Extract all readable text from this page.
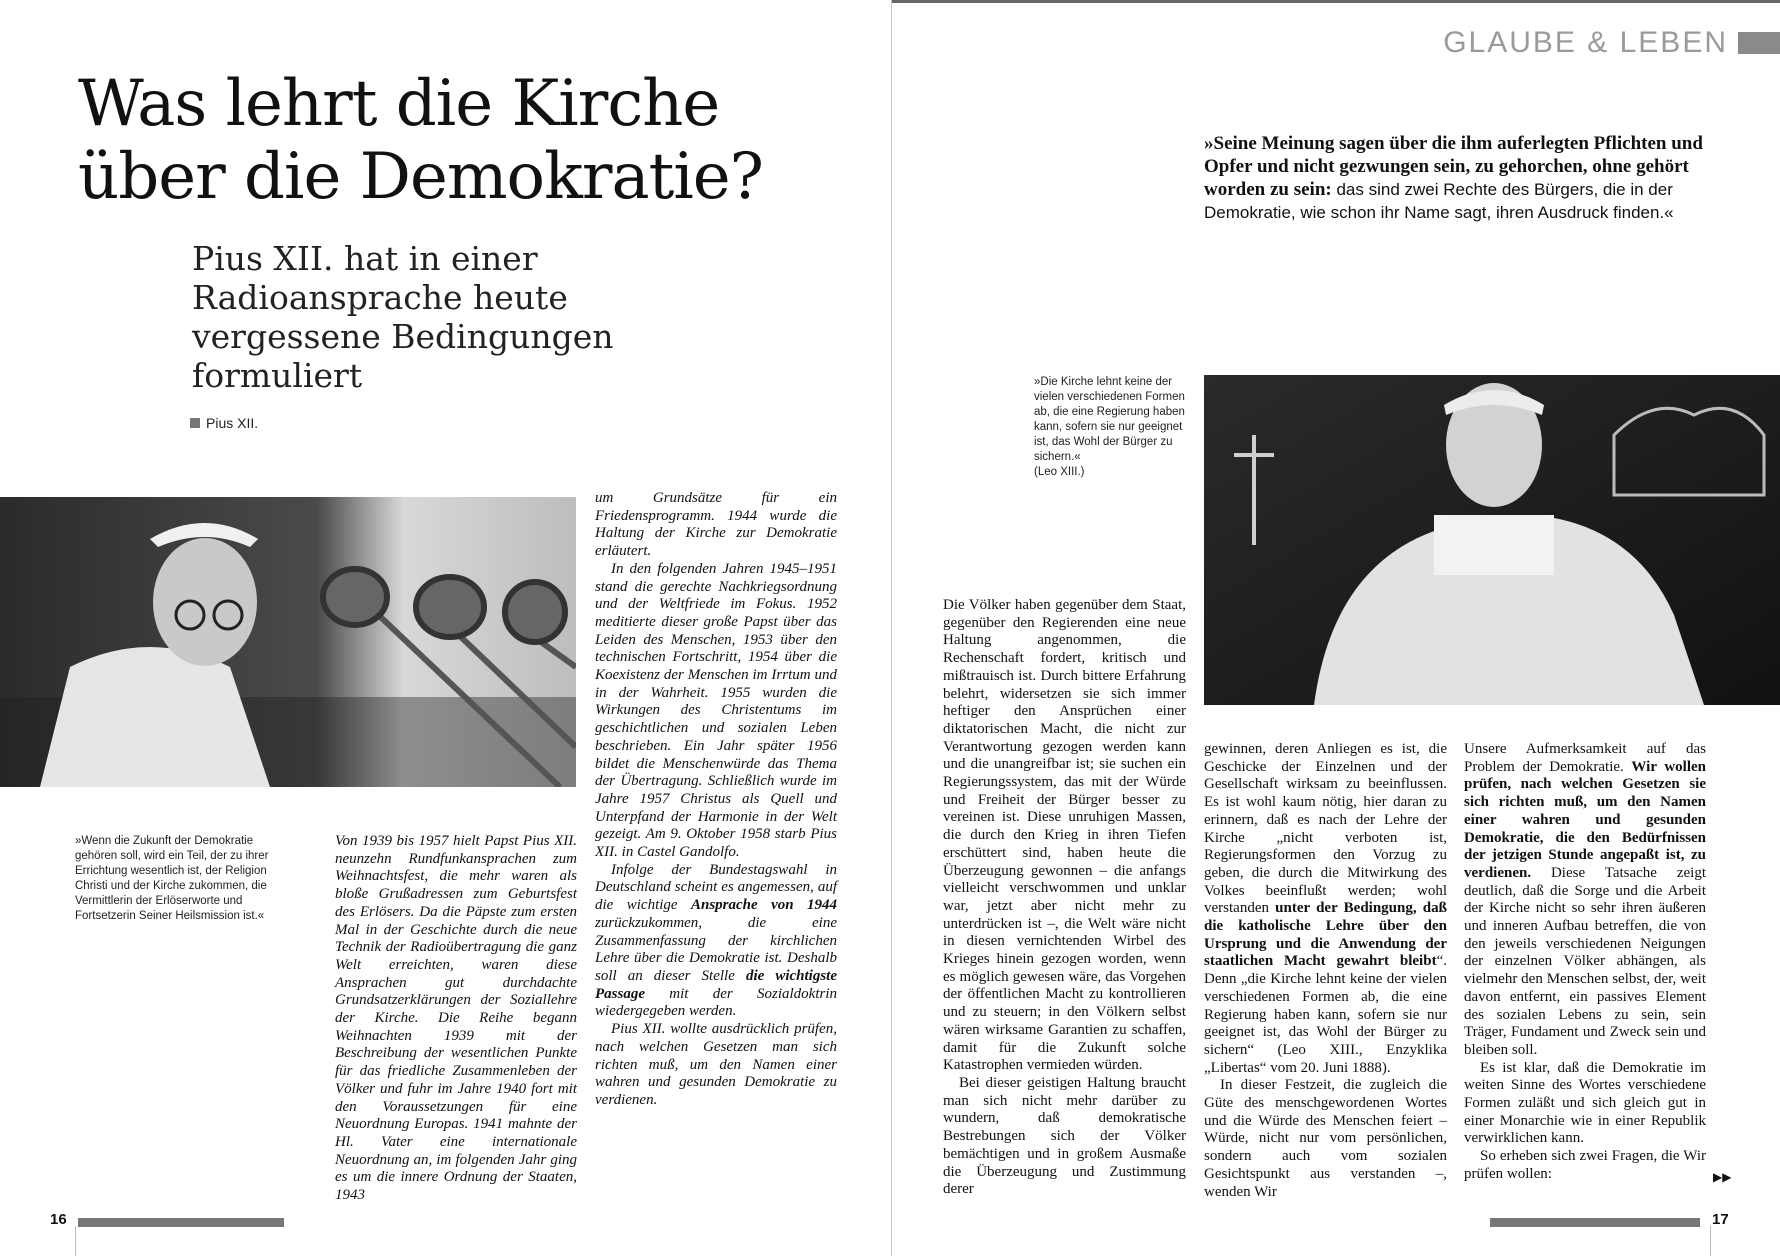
Was lehrt die Kirche über die Demokratie?
Pius XII. hat in einer Radioansprache heute vergessene Bedingungen formuliert
Pius XII.

»Wenn die Zukunft der Demokratie gehören soll, wird ein Teil, der zu ihrer Errichtung wesentlich ist, der Religion Christi und der Kirche zukommen, die Vermittlerin der Erlöserworte und Fortsetzerin Seiner Heilsmission ist.«

Von 1939 bis 1957 hielt Papst Pius XII. neunzehn Rundfunkansprachen zum Weihnachtsfest, die mehr waren als bloße Grußadressen zum Geburtsfest des Erlösers. Da die Päpste zum ersten Mal in der Geschichte durch die neue Technik der Radioübertragung die ganz Welt erreichten, waren diese Ansprachen gut durchdachte Grundsatzerklärungen der Soziallehre der Kirche. Die Reihe begann Weihnachten 1939 mit der Beschreibung der wesentlichen Punkte für das friedliche Zusammenleben der Völker und fuhr im Jahre 1940 fort mit den Voraussetzungen für eine Neuordnung Europas. 1941 mahnte der Hl. Vater eine internationale Neuordnung an, im folgenden Jahr ging es um die innere Ordnung der Staaten, 1943

um Grundsätze für ein Friedensprogramm. 1944 wurde die Haltung der Kirche zur Demokratie erläutert.

In den folgenden Jahren 1945–1951 stand die gerechte Nachkriegsordnung und der Weltfriede im Fokus. 1952 meditierte dieser große Papst über das Leiden des Menschen, 1953 über den technischen Fortschritt, 1954 über die Koexistenz der Menschen im Irrtum und in der Wahrheit. 1955 wurden die Wirkungen des Christentums im geschichtlichen und sozialen Leben beschrieben. Ein Jahr später 1956 bildet die Menschenwürde das Thema der Übertragung. Schließlich wurde im Jahre 1957 Christus als Quell und Unterpfand der Harmonie in der Welt gezeigt. Am 9. Oktober 1958 starb Pius XII. in Castel Gandolfo.

Infolge der Bundestagswahl in Deutschland scheint es angemessen, auf die wichtige Ansprache von 1944 zurückzukommen, die eine Zusammenfassung der kirchlichen Lehre über die Demokratie ist. Deshalb soll an dieser Stelle die wichtigste Passage mit der Sozialdoktrin wiedergegeben werden.

Pius XII. wollte ausdrücklich prüfen, nach welchen Gesetzen man sich richten muß, um den Namen einer wahren und gesunden Demokratie zu verdienen.

16
GLAUBE & LEBEN

»Seine Meinung sagen über die ihm auferlegten Pflichten und Opfer und nicht gezwungen sein, zu gehorchen, ohne gehört worden zu sein: das sind zwei Rechte des Bürgers, die in der Demokratie, wie schon ihr Name sagt, ihren Ausdruck finden.«

»Die Kirche lehnt keine der vielen verschiedenen Formen ab, die eine Regierung haben kann, sofern sie nur geeignet ist, das Wohl der Bürger zu sichern.«
(Leo XIII.)

Die Völker haben gegenüber dem Staat, gegenüber den Regierenden eine neue Haltung angenommen, die Rechenschaft fordert, kritisch und mißtrauisch ist. Durch bittere Erfahrung belehrt, widersetzen sie sich immer heftiger den Ansprüchen einer diktatorischen Macht, die nicht zur Verantwortung gezogen werden kann und die unangreifbar ist; sie suchen ein Regierungssystem, das mit der Würde und Freiheit der Bürger besser zu vereinen ist. Diese unruhigen Massen, die durch den Krieg in ihren Tiefen erschüttert sind, haben heute die Überzeugung gewonnen – die anfangs vielleicht verschwommen und unklar war, jetzt aber nicht mehr zu unterdrücken ist –, die Welt wäre nicht in diesen vernichtenden Wirbel des Krieges hinein gezogen worden, wenn es möglich gewesen wäre, das Vorgehen der öffentlichen Macht zu kontrollieren und zu steuern; in den Völkern selbst wären wirksame Garantien zu schaffen, damit für die Zukunft solche Katastrophen vermieden würden.

Bei dieser geistigen Haltung braucht man sich nicht mehr darüber zu wundern, daß demokratische Bestrebungen sich der Völker bemächtigen und in großem Ausmaße die Überzeugung und Zustimmung derer

gewinnen, deren Anliegen es ist, die Geschicke der Einzelnen und der Gesellschaft wirksam zu beeinflussen. Es ist wohl kaum nötig, hier daran zu erinnern, daß es nach der Lehre der Kirche „nicht verboten ist, Regierungsformen den Vorzug zu geben, die durch die Mitwirkung des Volkes beeinflußt werden; wohl verstanden unter der Bedingung, daß die katholische Lehre über den Ursprung und die Anwendung der staatlichen Macht gewahrt bleibt“. Denn „die Kirche lehnt keine der vielen verschiedenen Formen ab, die eine Regierung haben kann, sofern sie nur geeignet ist, das Wohl der Bürger zu sichern“ (Leo XIII., Enzyklika „Libertas“ vom 20. Juni 1888).

In dieser Festzeit, die zugleich die Güte des menschgewordenen Wortes und die Würde des Menschen feiert – Würde, nicht nur vom persönlichen, sondern auch vom sozialen Gesichtspunkt aus verstanden –, wenden Wir

Unsere Aufmerksamkeit auf das Problem der Demokratie. Wir wollen prüfen, nach welchen Gesetzen sie sich richten muß, um den Namen einer wahren und gesunden Demokratie, die den Bedürfnissen der jetzigen Stunde angepaßt ist, zu verdienen. Diese Tatsache zeigt deutlich, daß die Sorge und die Arbeit der Kirche nicht so sehr ihren äußeren und inneren Aufbau betreffen, die von den jeweils verschiedenen Neigungen der einzelnen Völker abhängen, als vielmehr den Menschen selbst, der, weit davon entfernt, ein passives Element des sozialen Lebens zu sein, sein Träger, Fundament und Zweck sein und bleiben soll.

Es ist klar, daß die Demokratie im weiten Sinne des Wortes verschiedene Formen zuläßt und sich gleich gut in einer Monarchie wie in einer Republik verwirklichen kann.

So erheben sich zwei Fragen, die Wir prüfen wollen:	▶▶
17
